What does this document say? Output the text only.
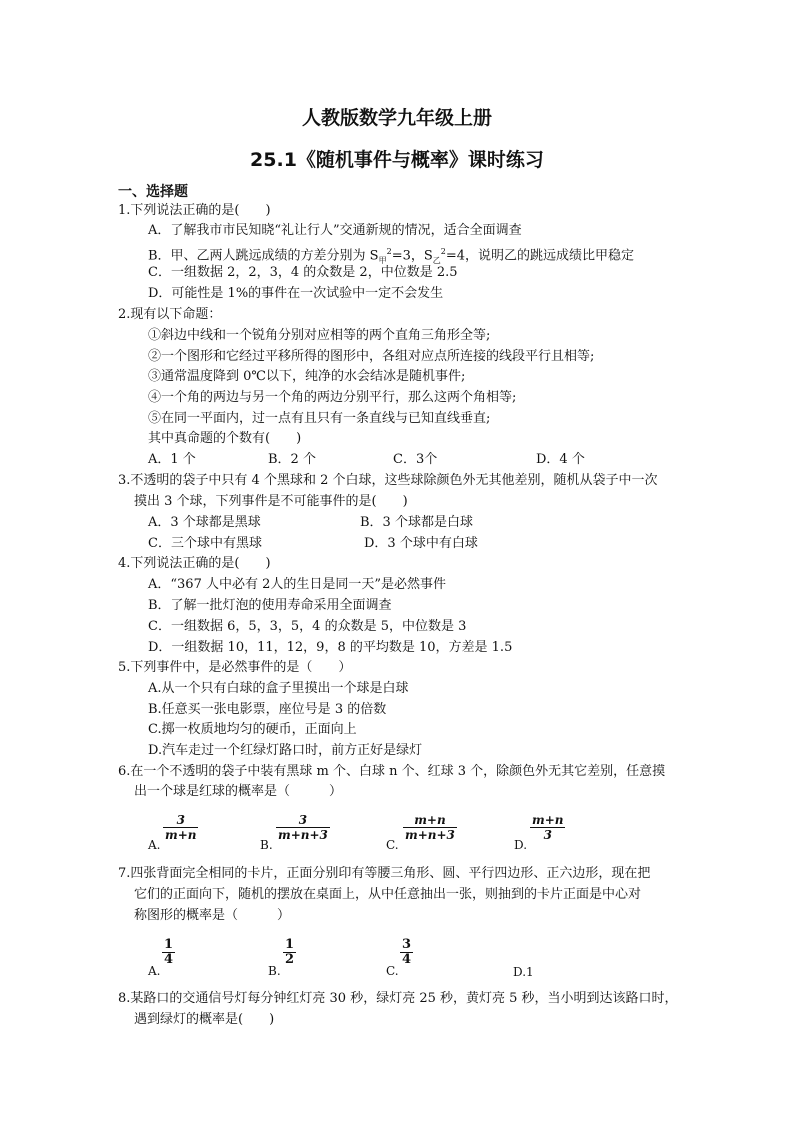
人教版数学九年级上册
25.1《随机事件与概率》课时练习
一、选择题
1.下列说法正确的是(　　)
A．了解我市市民知晓“礼让行人”交通新规的情况，适合全面调查
B．甲、乙两人跳远成绩的方差分别为 $S_甲^2=3$，$S_乙^2=4$，说明乙的跳远成绩比甲稳定
C．一组数据 2，2，3，4 的众数是 2，中位数是 2.5
D．可能性是 1%的事件在一次试验中一定不会发生
2.现有以下命题：
①斜边中线和一个锐角分别对应相等的两个直角三角形全等;
②一个图形和它经过平移所得的图形中，各组对应点所连接的线段平行且相等;
③通常温度降到 0℃以下，纯净的水会结冰是随机事件;
④一个角的两边与另一个角的两边分别平行，那么这两个角相等;
⑤在同一平面内，过一点有且只有一条直线与已知直线垂直;
其中真命题的个数有(　　)
A．1 个	B．2 个	C．3个	D．4 个
3.不透明的袋子中只有 4 个黑球和 2 个白球，这些球除颜色外无其他差别，随机从袋子中一次
摸出 3 个球，下列事件是不可能事件的是(　　)
A．3 个球都是黑球	B．3 个球都是白球
C．三个球中有黑球	D．3 个球中有白球
4.下列说法正确的是(　　)
A．“367 人中必有 2人的生日是同一天”是必然事件
B．了解一批灯泡的使用寿命采用全面调查
C．一组数据 6，5，3，5，4 的众数是 5，中位数是 3
D．一组数据 10，11，12，9，8 的平均数是 10，方差是 1.5
5.下列事件中，是必然事件的是（　　）
A.从一个只有白球的盒子里摸出一个球是白球
B.任意买一张电影票，座位号是 3 的倍数
C.掷一枚质地均匀的硬币，正面向上
D.汽车走过一个红绿灯路口时，前方正好是绿灯
6.在一个不透明的袋子中装有黑球 m 个、白球 n 个、红球 3 个，除颜色外无其它差别，任意摸
出一个球是红球的概率是（　　　）
A.
$\frac{3}{m+n}$
B.
$\frac{3}{m+n+3}$
C.
$\frac{m+n}{m+n+3}$
D.
$\frac{m+n}{3}$
7.四张背面完全相同的卡片，正面分别印有等腰三角形、圆、平行四边形、正六边形，现在把
它们的正面向下，随机的摆放在桌面上，从中任意抽出一张，则抽到的卡片正面是中心对
称图形的概率是（　　　）
A.
$\frac{1}{4}$
B.
$\frac{1}{2}$
C.
$\frac{3}{4}$
D.1
8.某路口的交通信号灯每分钟红灯亮 30 秒，绿灯亮 25 秒，黄灯亮 5 秒，当小明到达该路口时，
遇到绿灯的概率是(　　)
